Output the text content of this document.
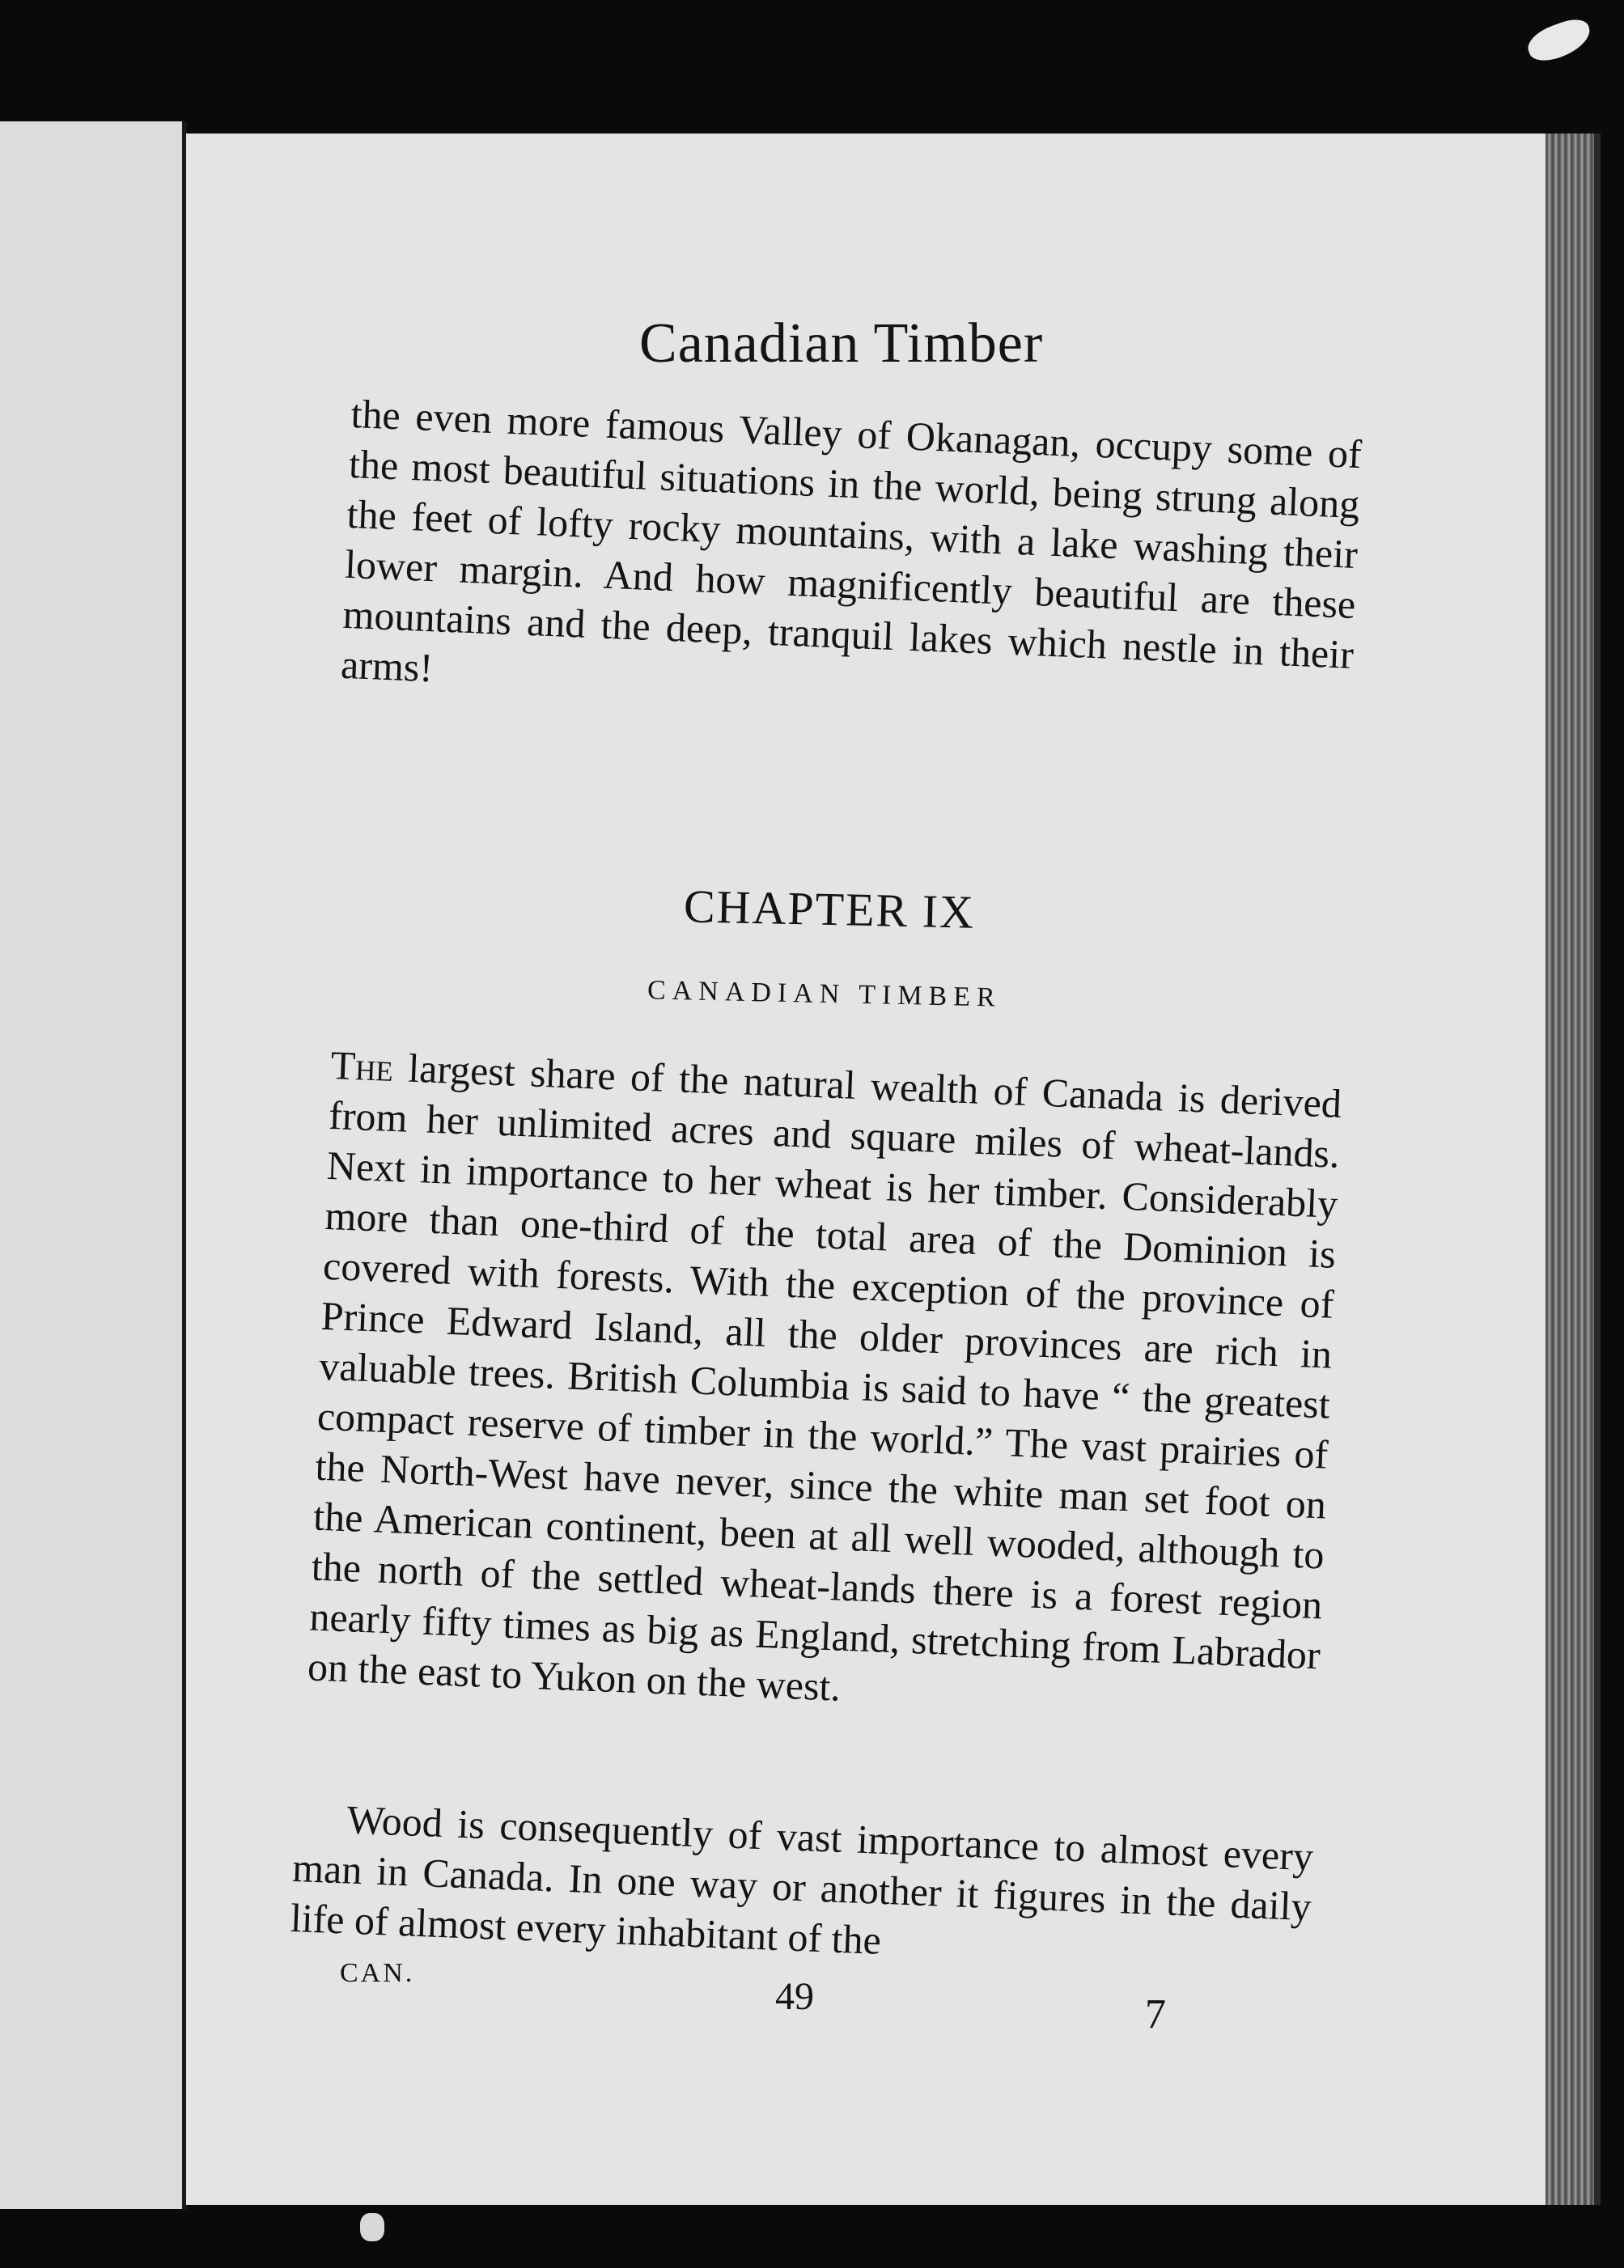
Canadian Timber
the even more famous Valley of Okanagan, occupy some of the most beautiful situations in the world, being strung along the feet of lofty rocky mountains, with a lake washing their lower margin. And how magnificently beautiful are these mountains and the deep, tranquil lakes which nestle in their arms!
CHAPTER IX
CANADIAN TIMBER
The largest share of the natural wealth of Canada is derived from her unlimited acres and square miles of wheat-lands. Next in importance to her wheat is her timber. Considerably more than one-third of the total area of the Dominion is covered with forests. With the exception of the province of Prince Edward Island, all the older provinces are rich in valuable trees. British Columbia is said to have “ the greatest compact reserve of timber in the world.” The vast prairies of the North-West have never, since the white man set foot on the American continent, been at all well wooded, although to the north of the settled wheat-lands there is a forest region nearly fifty times as big as England, stretching from Labrador on the east to Yukon on the west.
Wood is consequently of vast importance to almost every man in Canada. In one way or another it figures in the daily life of almost every inhabitant of the
CAN.
49	7
